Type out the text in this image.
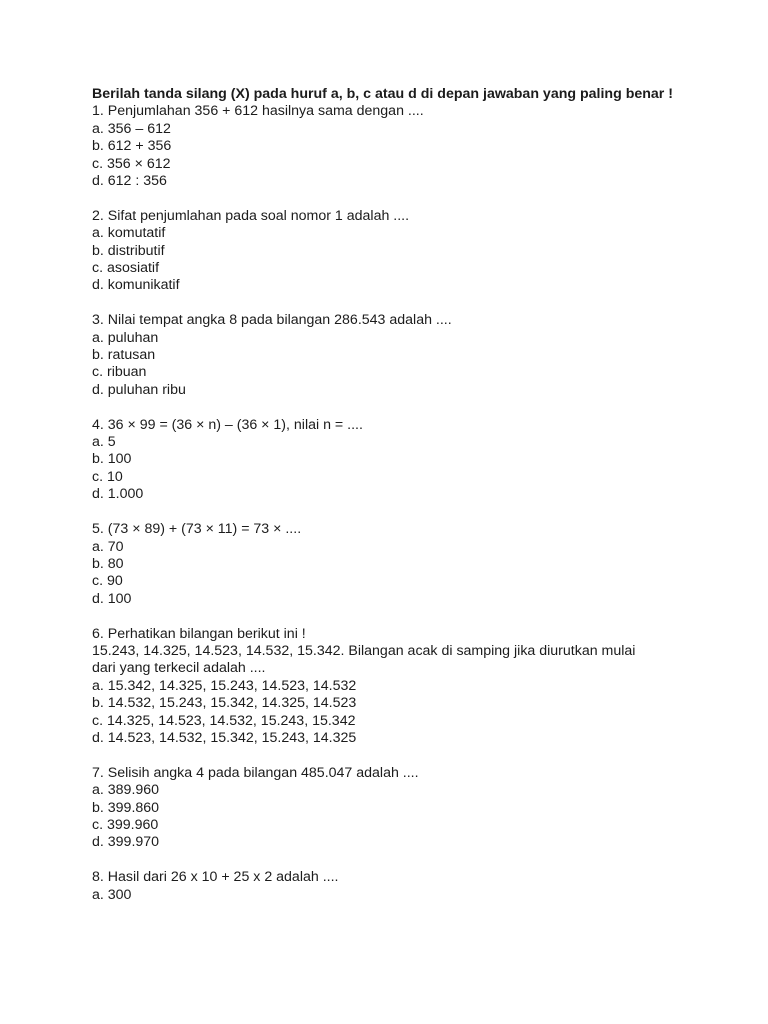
Berilah tanda silang (X) pada huruf a, b, c atau d di depan jawaban yang paling benar !

1. Penjumlahan 356 + 612 hasilnya sama dengan ....
a. 356 – 612
b. 612 + 356
c. 356 × 612
d. 612 : 356
2. Sifat penjumlahan pada soal nomor 1 adalah ....
a. komutatif
b. distributif
c. asosiatif
d. komunikatif
3. Nilai tempat angka 8 pada bilangan 286.543 adalah ....
a. puluhan
b. ratusan
c. ribuan
d. puluhan ribu
4. 36 × 99 = (36 × n) – (36 × 1), nilai n = ....
a. 5
b. 100
c. 10
d. 1.000
5. (73 × 89) + (73 × 11) = 73 × ....
a. 70
b. 80
c. 90
d. 100
6. Perhatikan bilangan berikut ini !
15.243, 14.325, 14.523, 14.532, 15.342. Bilangan acak di samping jika diurutkan mulai
dari yang terkecil adalah ....
a. 15.342, 14.325, 15.243, 14.523, 14.532
b. 14.532, 15.243, 15.342, 14.325, 14.523
c. 14.325, 14.523, 14.532, 15.243, 15.342
d. 14.523, 14.532, 15.342, 15.243, 14.325
7. Selisih angka 4 pada bilangan 485.047 adalah ....
a. 389.960
b. 399.860
c. 399.960
d. 399.970
8. Hasil dari 26 x 10 + 25 x 2 adalah ....
a. 300
